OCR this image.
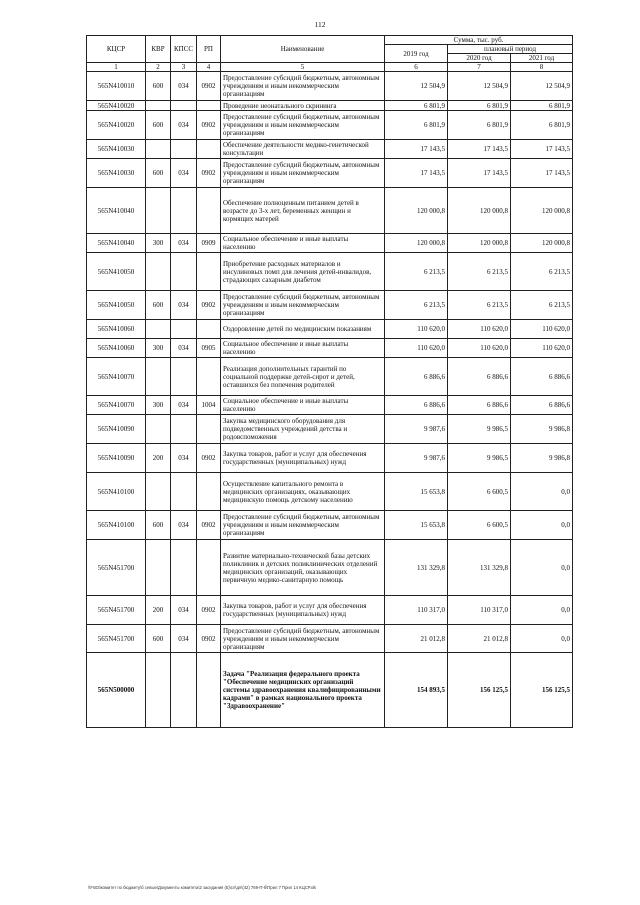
112
КЦСР	КВР	КПСС	РП	Наименование	Сумма, тыс. руб.		
					2019 год	плановый период	
						2020 год	2021 год
1	2	3	4	5	6	7	8
565N410010	600	034	0902	Предоставление субсидий бюджетным, автономным учреждениям и иным некоммерческим организациям	12 504,9	12 504,9	12 504,9
565N410020				Проведение неонатального скрининга	6 801,9	6 801,9	6 801,9
565N410020	600	034	0902	Предоставление субсидий бюджетным, автономным учреждениям и иным некоммерческим организациям	6 801,9	6 801,9	6 801,9
565N410030				Обеспечение деятельности медико-генетической консультации	17 143,5	17 143,5	17 143,5
565N410030	600	034	0902	Предоставление субсидий бюджетным, автономным учреждениям и иным некоммерческим организациям	17 143,5	17 143,5	17 143,5
565N410040				Обеспечение полноценным питанием детей в возрасте до 3-х лет, беременных женщин и кормящих матерей	120 000,8	120 000,8	120 000,8
565N410040	300	034	0909	Социальное обеспечение и иные выплаты населению	120 000,8	120 000,8	120 000,8
565N410050				Приобретение расходных материалов и инсулиновых помп для лечения детей-инвалидов, страдающих сахарным диабетом	6 213,5	6 213,5	6 213,5
565N410050	600	034	0902	Предоставление субсидий бюджетным, автономным учреждениям и иным некоммерческим организациям	6 213,5	6 213,5	6 213,5
565N410060				Оздоровление детей по медицинским показаниям	110 620,0	110 620,0	110 620,0
565N410060	300	034	0905	Социальное обеспечение и иные выплаты населению	110 620,0	110 620,0	110 620,0
565N410070				Реализация дополнительных гарантий по социальной поддержке детей-сирот и детей, оставшихся без попечения родителей	6 886,6	6 886,6	6 886,6
565N410070	300	034	1004	Социальное обеспечение и иные выплаты населению	6 886,6	6 886,6	6 886,6
565N410090				Закупка медицинского оборудования для подведомственных учреждений детства и родовспоможения	9 987,6	9 986,5	9 986,8
565N410090	200	034	0902	Закупка товаров, работ и услуг для обеспечения государственных (муниципальных) нужд	9 987,6	9 986,5	9 986,8
565N410100				Осуществление капитального ремонта в медицинских организациях, оказывающих медицинскую помощь детскому населению	15 653,8	6 600,5	0,0
565N410100	600	034	0902	Предоставление субсидий бюджетным, автономным учреждениям и иным некоммерческим организациям	15 653,8	6 600,5	0,0
565N451700				Развитие материально-технической базы детских поликлиник и детских поликлинических отделений медицинских организаций, оказывающих первичную медико-санитарную помощь	131 329,8	131 329,8	0,0
565N451700	200	034	0902	Закупка товаров, работ и услуг для обеспечения государственных (муниципальных) нужд	110 317,0	110 317,0	0,0
565N451700	600	034	0902	Предоставление субсидий бюджетным, автономным учреждениям и иным некоммерческим организациям	21 012,8	21 012,8	0,0
565N500000				Задача "Реализация федерального проекта "Обеспечение медицинских организаций системы здравоохранения квалифицированными кадрами" в рамках национального проекта "Здравоохранение"	154 893,5	156 125,5	156 125,5
\\Fs03\комитет по бюджету\б севые\Документы комитета\2 заседания (5)\сл\дп\(42) 769-П-б\Прил 7 Прил 14 КЦСР.xls
